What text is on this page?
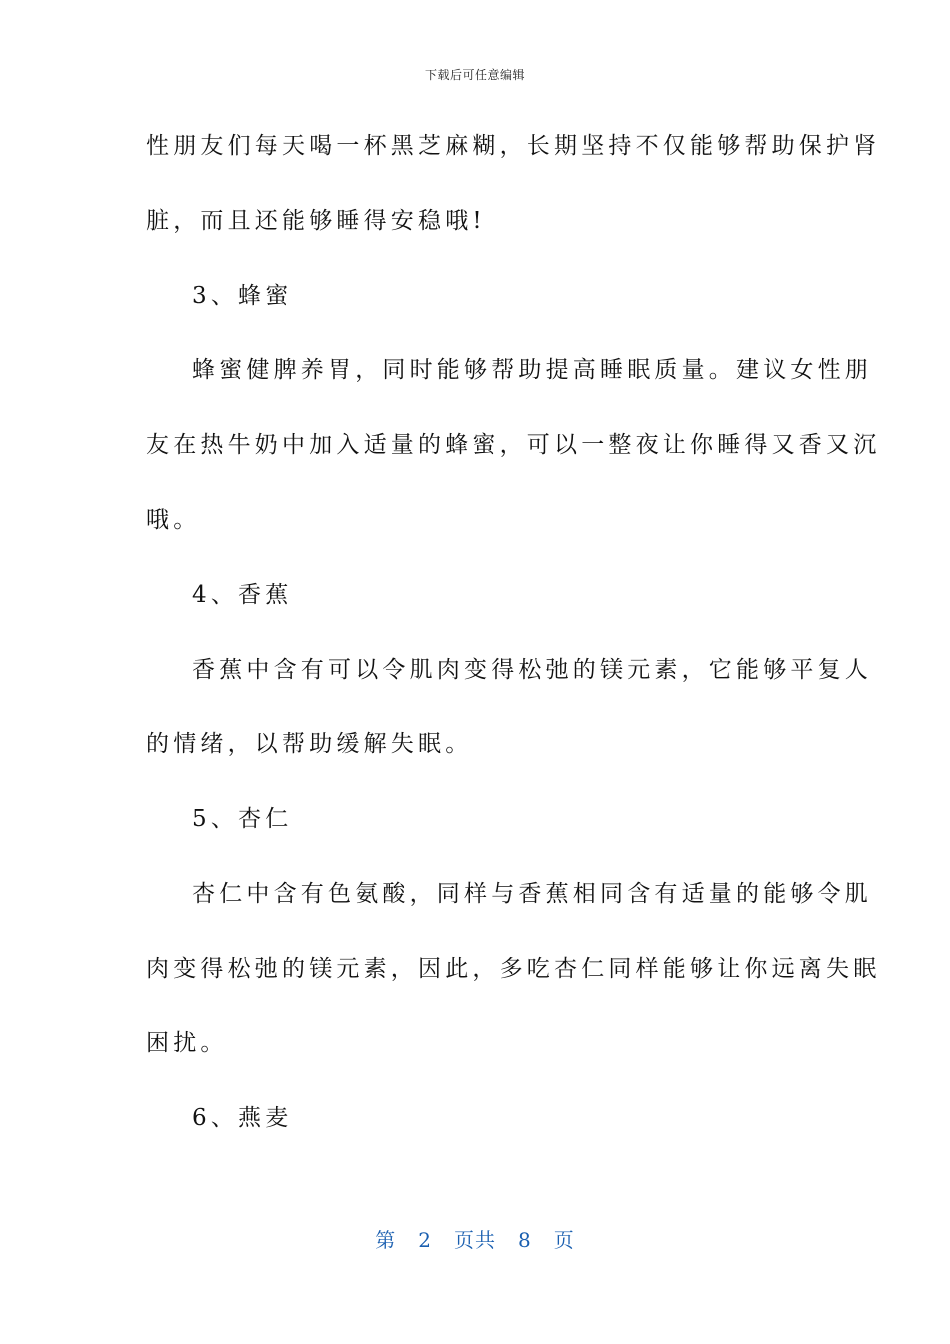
下载后可任意编辑
性朋友们每天喝一杯黑芝麻糊，长期坚持不仅能够帮助保护肾
脏，而且还能够睡得安稳哦!
3、蜂蜜
蜂蜜健脾养胃，同时能够帮助提高睡眠质量。建议女性朋
友在热牛奶中加入适量的蜂蜜，可以一整夜让你睡得又香又沉
哦。
4、香蕉
香蕉中含有可以令肌肉变得松弛的镁元素，它能够平复人
的情绪，以帮助缓解失眠。
5、杏仁
杏仁中含有色氨酸，同样与香蕉相同含有适量的能够令肌
肉变得松弛的镁元素，因此，多吃杏仁同样能够让你远离失眠
困扰。
6、燕麦
第 2 页共 8 页
